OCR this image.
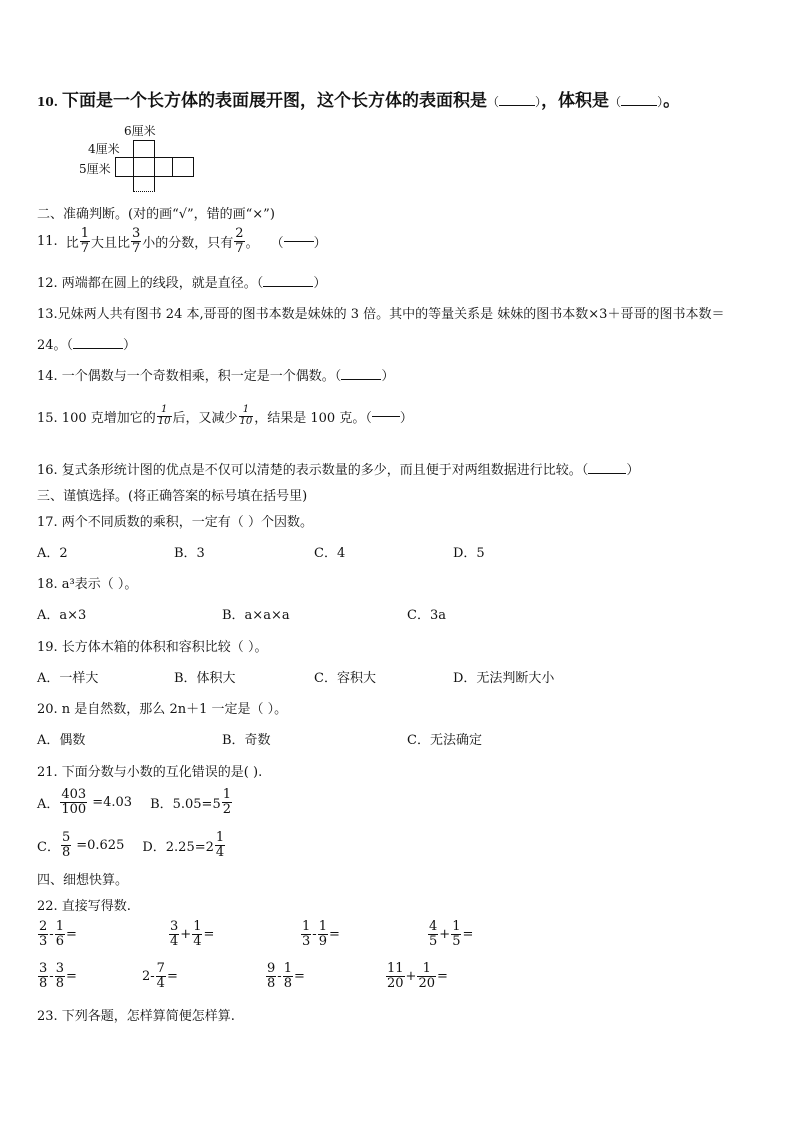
10. 下面是一个长方体的表面展开图，这个长方体的表面积是（	），体积是（	）。
6厘米
4厘米
5厘米
二、准确判断。(对的画“√”，错的画“×”)
11. 比 $\frac{1}{7}$ 大且比 $\frac{3}{7}$ 小的分数，只有 $\frac{2}{7}$ 。 （ ）
12. 两端都在圆上的线段，就是直径。（	）
13.兄妹两人共有图书 24 本,哥哥的图书本数是妹妹的 3 倍。其中的等量关系是 妹妹的图书本数×3＋哥哥的图书本数＝
24。（	）
14. 一个偶数与一个奇数相乘，积一定是一个偶数。（	）
15. 100 克增加它的 $\frac{1}{10}$ 后，又减少 $\frac{1}{10}$ ，结果是 100 克。（ ）
16. 复式条形统计图的优点是不仅可以清楚的表示数量的多少，而且便于对两组数据进行比较。（	）
三、谨慎选择。(将正确答案的标号填在括号里)
17. 两个不同质数的乘积，一定有（ ）个因数。
A．2	B．3	C．4	D．5
18. a³表示（ ）。
A．a×3	B．a×a×a	C．3a
19. 长方体木箱的体积和容积比较（ ）。
A．一样大	B．体积大	C．容积大	D．无法判断大小
20. n 是自然数，那么 2n＋1 一定是（ ）。
A．偶数	B．奇数	C．无法确定
21. 下面分数与小数的互化错误的是( ).
A． $\frac{403}{100} =4.03$ B．$5.05=5 \frac{1}{2}$
C． $\frac{5}{8} =0.625$ D．$2.25=2 \frac{1}{4}$
四、细想快算。
22. 直接写得数.
$\frac{2}{3} - \frac{1}{6}$ =	$\frac{3}{4} + \frac{1}{4}$ =	$\frac{1}{3} - \frac{1}{9}$ =	$\frac{4}{5} + \frac{1}{5}$ =
$\frac{3}{8} - \frac{3}{8}$ =	$2- \frac{7}{4}$ =	$\frac{9}{8} - \frac{1}{8}$ =	$\frac{11}{20} + \frac{1}{20}$ =
23. 下列各题，怎样算简便怎样算.
